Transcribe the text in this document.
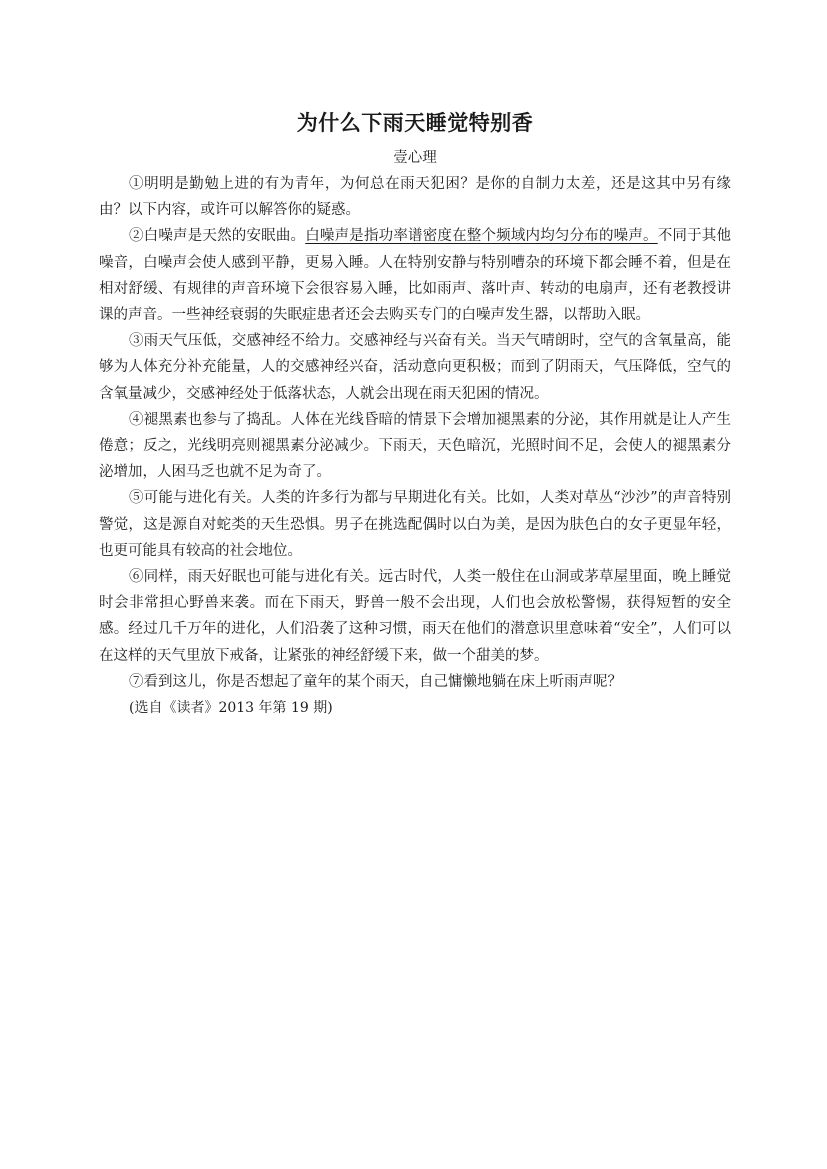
为什么下雨天睡觉特别香

壹心理

①明明是勤勉上进的有为青年，为何总在雨天犯困？是你的自制力太差，还是这其中另有缘由？以下内容，或许可以解答你的疑惑。

②白噪声是天然的安眠曲。白噪声是指功率谱密度在整个频域内均匀分布的噪声。不同于其他噪音，白噪声会使人感到平静，更易入睡。人在特别安静与特别嘈杂的环境下都会睡不着，但是在相对舒缓、有规律的声音环境下会很容易入睡，比如雨声、落叶声、转动的电扇声，还有老教授讲课的声音。一些神经衰弱的失眠症患者还会去购买专门的白噪声发生器，以帮助入眠。

③雨天气压低，交感神经不给力。交感神经与兴奋有关。当天气晴朗时，空气的含氧量高，能够为人体充分补充能量，人的交感神经兴奋，活动意向更积极；而到了阴雨天，气压降低，空气的含氧量减少，交感神经处于低落状态，人就会出现在雨天犯困的情况。

④褪黑素也参与了捣乱。人体在光线昏暗的情景下会增加褪黑素的分泌，其作用就是让人产生倦意；反之，光线明亮则褪黑素分泌减少。下雨天，天色暗沉，光照时间不足，会使人的褪黑素分泌增加，人困马乏也就不足为奇了。

⑤可能与进化有关。人类的许多行为都与早期进化有关。比如，人类对草丛“沙沙”的声音特别警觉，这是源自对蛇类的天生恐惧。男子在挑选配偶时以白为美，是因为肤色白的女子更显年轻，也更可能具有较高的社会地位。

⑥同样，雨天好眠也可能与进化有关。远古时代，人类一般住在山洞或茅草屋里面，晚上睡觉时会非常担心野兽来袭。而在下雨天，野兽一般不会出现，人们也会放松警惕，获得短暂的安全感。经过几千万年的进化，人们沿袭了这种习惯，雨天在他们的潜意识里意味着“安全”，人们可以在这样的天气里放下戒备，让紧张的神经舒缓下来，做一个甜美的梦。

⑦看到这儿，你是否想起了童年的某个雨天，自己慵懒地躺在床上听雨声呢？

(选自《读者》2013 年第 19 期)
